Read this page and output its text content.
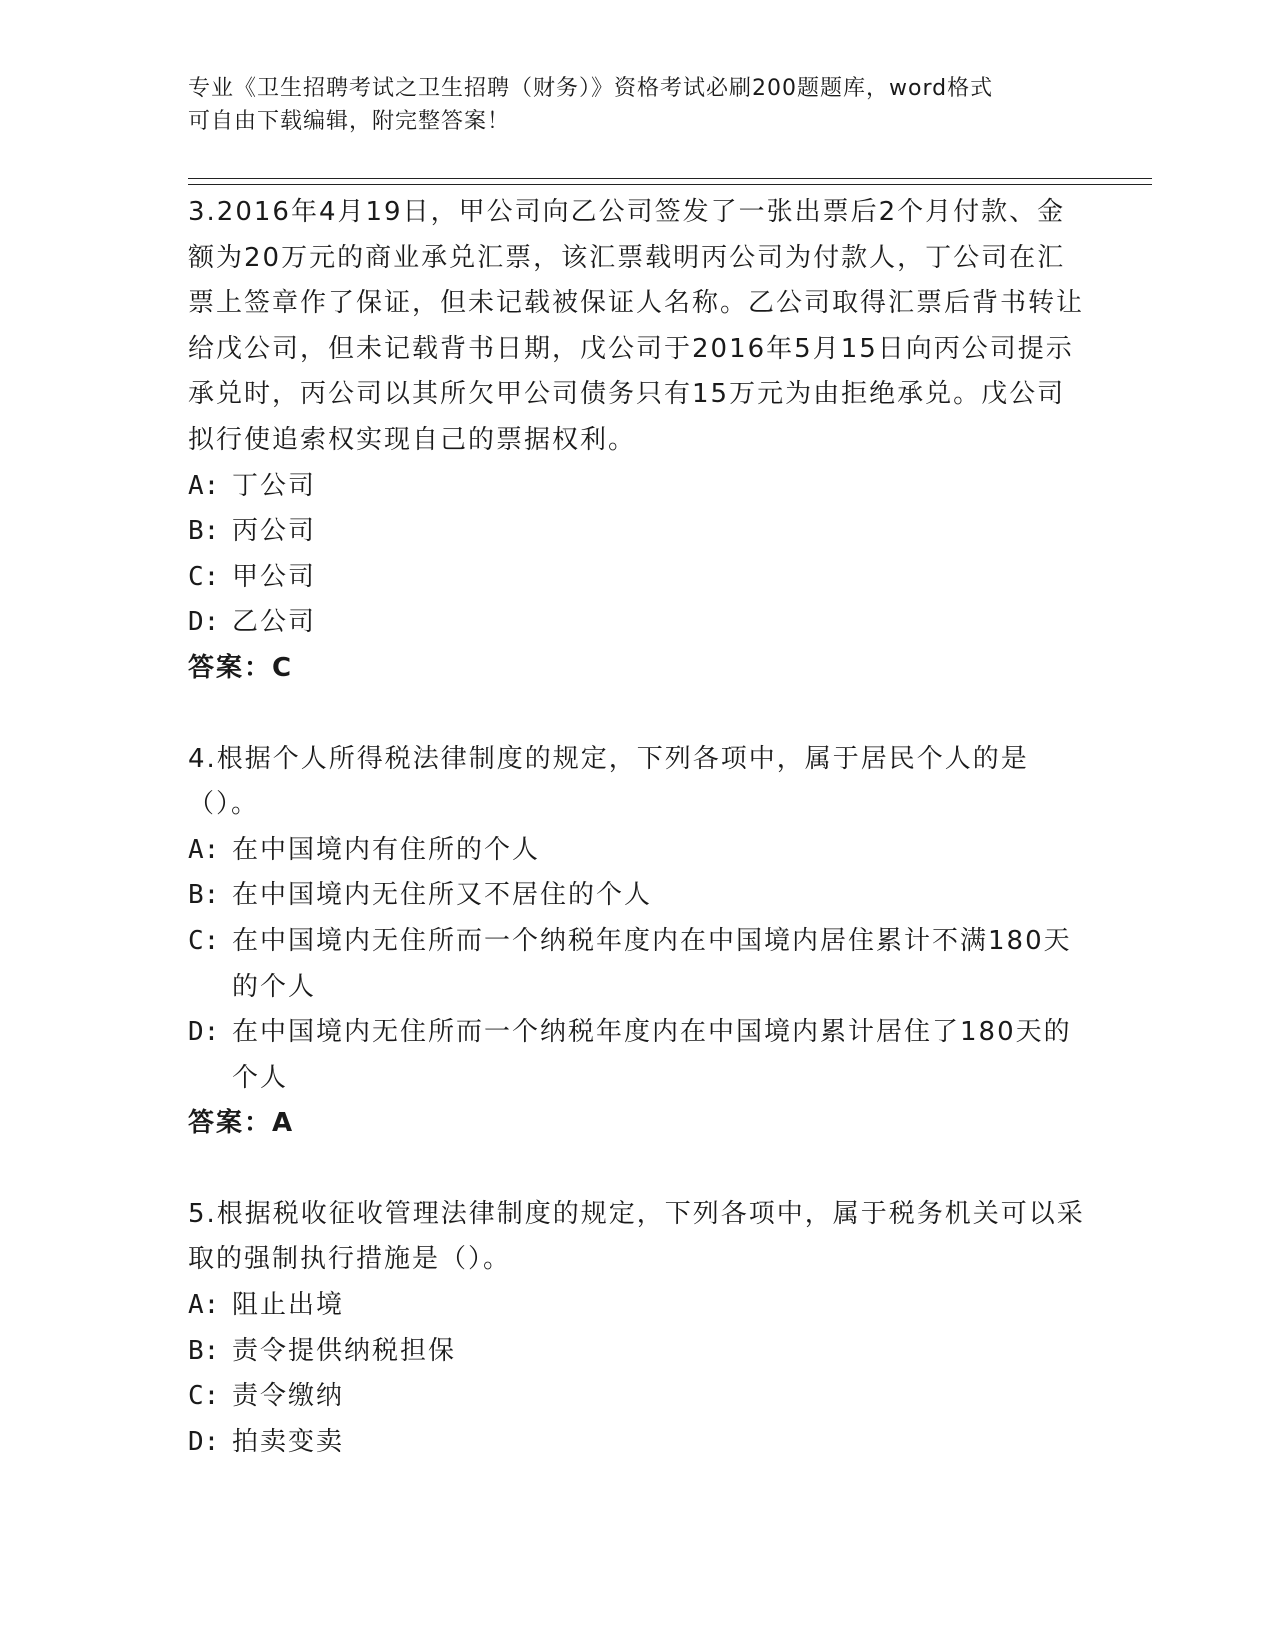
专业《卫生招聘考试之卫生招聘（财务）》资格考试必刷200题题库，word格式
可自由下载编辑，附完整答案！

3.2016年4月19日，甲公司向乙公司签发了一张出票后2个月付款、金额为20万元的商业承兑汇票，该汇票载明丙公司为付款人，丁公司在汇票上签章作了保证，但未记载被保证人名称。乙公司取得汇票后背书转让给戊公司，但未记载背书日期，戊公司于2016年5月15日向丙公司提示承兑时，丙公司以其所欠甲公司债务只有15万元为由拒绝承兑。戊公司拟行使追索权实现自己的票据权利。

A: 丁公司
B: 丙公司
C: 甲公司
D: 乙公司

答案：C

4.根据个人所得税法律制度的规定，下列各项中，属于居民个人的是（）。

A: 在中国境内有住所的个人
B: 在中国境内无住所又不居住的个人
C: 在中国境内无住所而一个纳税年度内在中国境内居住累计不满180天的个人
D: 在中国境内无住所而一个纳税年度内在中国境内累计居住了180天的个人

答案：A

5.根据税收征收管理法律制度的规定，下列各项中，属于税务机关可以采取的强制执行措施是（）。

A: 阻止出境
B: 责令提供纳税担保
C: 责令缴纳
D: 拍卖变卖
